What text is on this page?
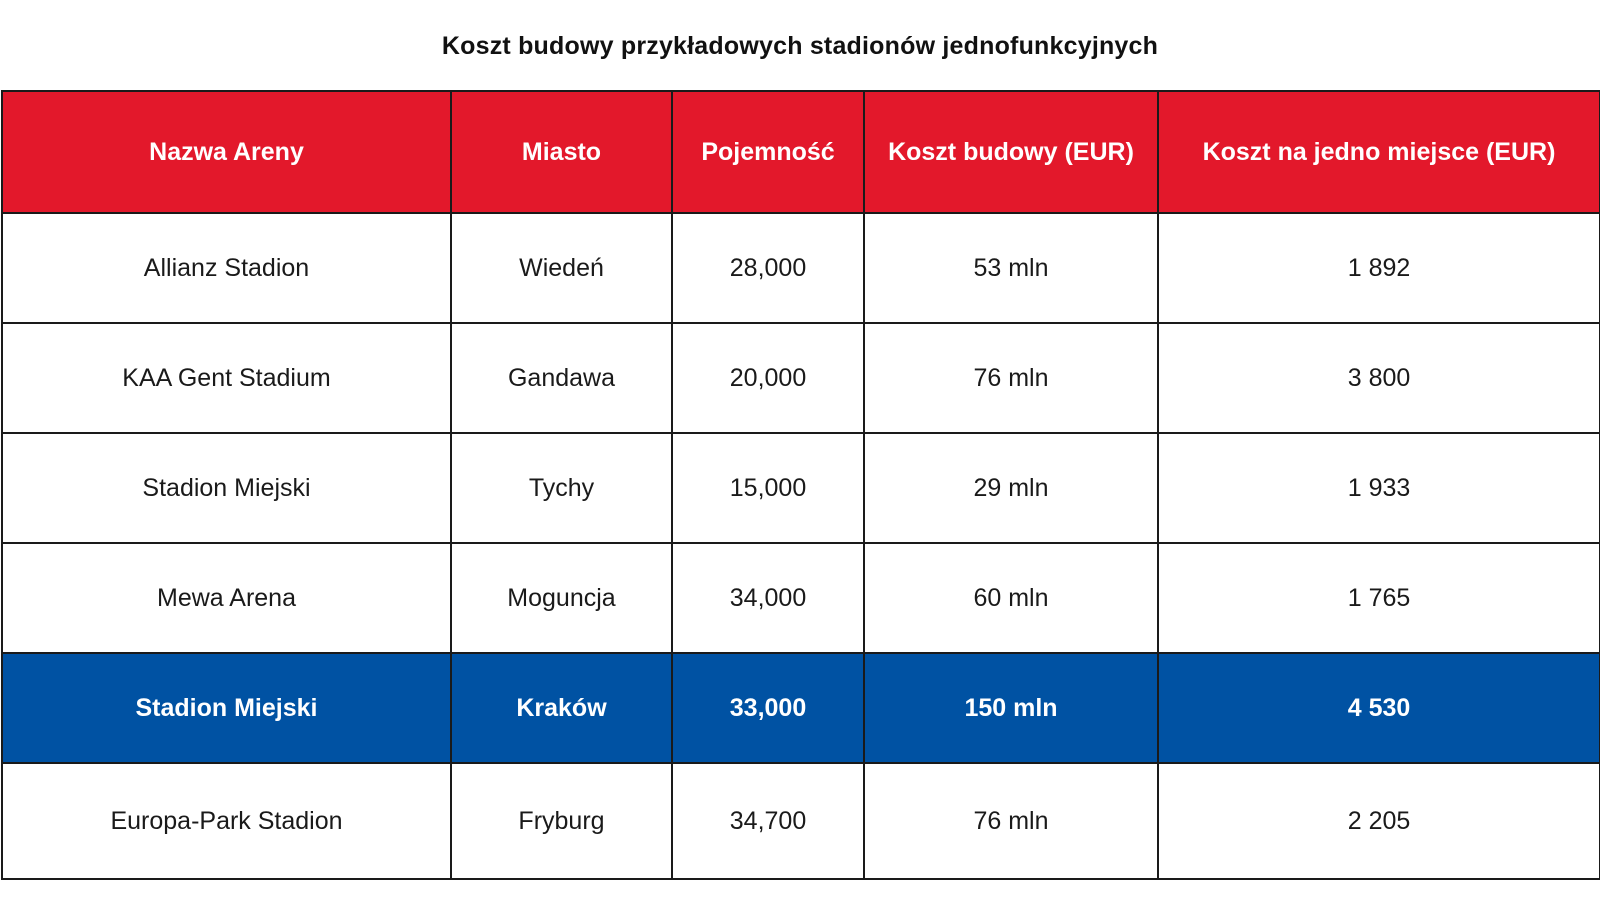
Koszt budowy przykładowych stadionów jednofunkcyjnych
Nazwa Areny	Miasto	Pojemność	Koszt budowy (EUR)	Koszt na jedno miejsce (EUR)
Allianz Stadion	Wiedeń	28,000	53 mln	1 892
KAA Gent Stadium	Gandawa	20,000	76 mln	3 800
Stadion Miejski	Tychy	15,000	29 mln	1 933
Mewa Arena	Moguncja	34,000	60 mln	1 765
Stadion Miejski	Kraków	33,000	150 mln	4 530
Europa-Park Stadion	Fryburg	34,700	76 mln	2 205
